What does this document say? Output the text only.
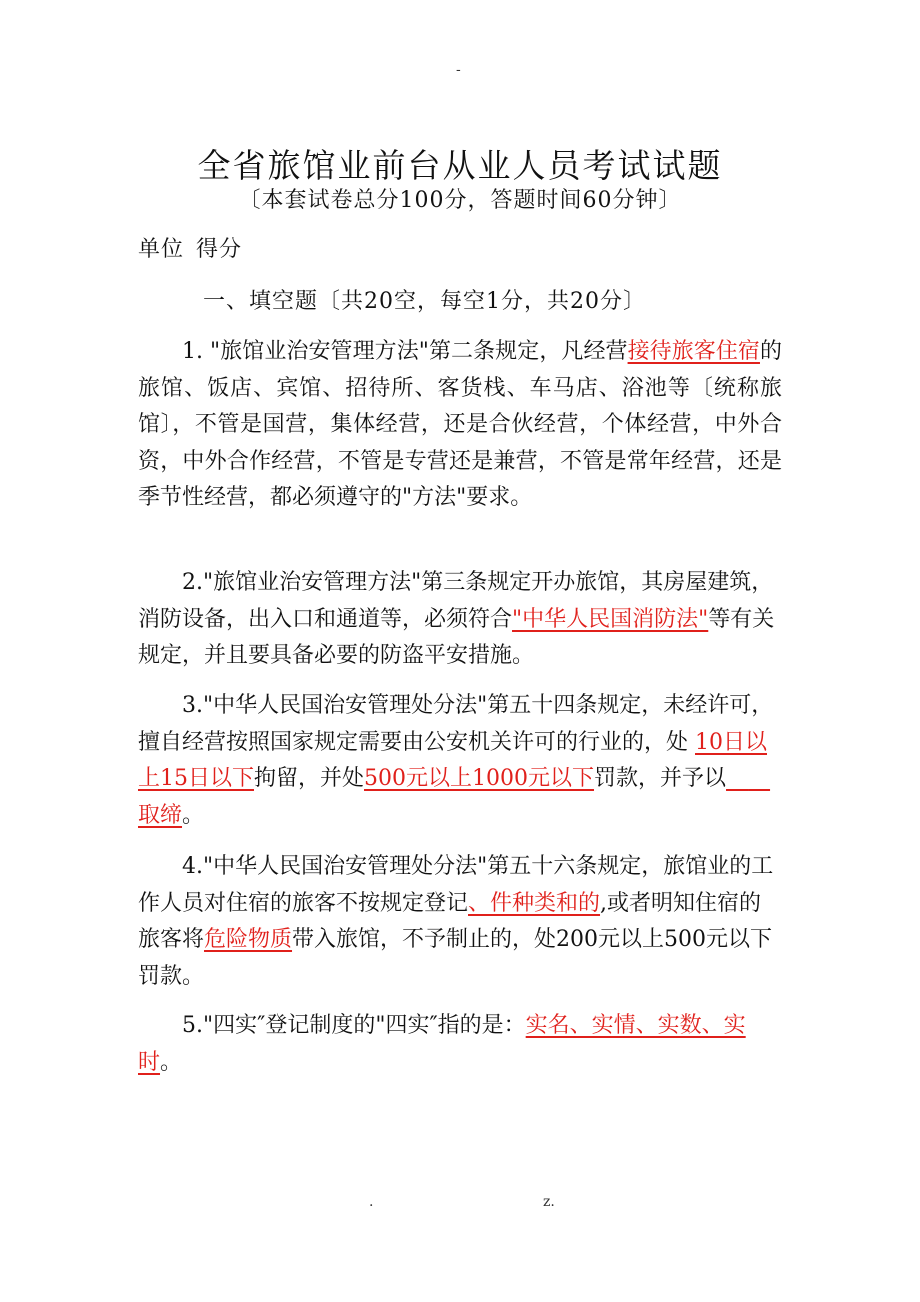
-
全省旅馆业前台从业人员考试试题
〔本套试卷总分100分，答题时间60分钟〕
单位 得分
一、填空题〔共20空，每空1分，共20分〕

1. "旅馆业治安管理方法"第二条规定，凡经营接待旅客住宿的旅馆、饭店、宾馆、招待所、客货栈、车马店、浴池等〔统称旅馆〕，不管是国营，集体经营，还是合伙经营，个体经营，中外合资，中外合作经营，不管是专营还是兼营，不管是常年经营，还是季节性经营，都必须遵守的"方法"要求。

2."旅馆业治安管理方法"第三条规定开办旅馆，其房屋建筑，消防设备，出入口和通道等，必须符合"中华人民国消防法"等有关规定，并且要具备必要的防盗平安措施。

3."中华人民国治安管理处分法"第五十四条规定，未经许可，擅自经营按照国家规定需要由公安机关许可的行业的，处 10日以上15日以下拘留，并处500元以上1000元以下罚款，并予以　　取缔。

4."中华人民国治安管理处分法"第五十六条规定，旅馆业的工作人员对住宿的旅客不按规定登记、件种类和的,或者明知住宿的旅客将危险物质带入旅馆，不予制止的，处200元以上500元以下罚款。

5."四实″登记制度的"四实″指的是：实名、实情、实数、实时。

.	z.
